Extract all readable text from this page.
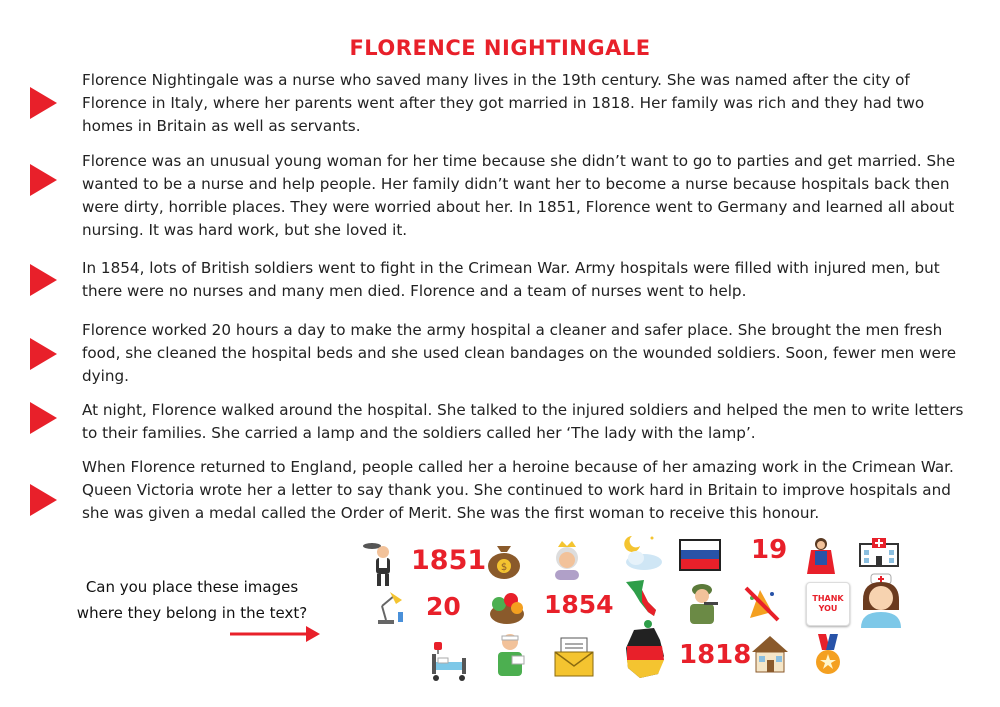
FLORENCE NIGHTINGALE
Florence Nightingale was a nurse who saved many lives in the 19th century. She was named after the city of Florence in Italy, where her parents went after they got married in 1818. Her family was rich and they had two homes in Britain as well as servants.
Florence was an unusual young woman for her time because she didn’t want to go to parties and get married. She wanted to be a nurse and help people. Her family didn’t want her to become a nurse because hospitals back then were dirty, horrible places. They were worried about her. In 1851, Florence went to Germany and learned all about nursing. It was hard work, but she loved it.
In 1854, lots of British soldiers went to fight in the Crimean War. Army hospitals were filled with injured men, but there were no nurses and many men died. Florence and a team of nurses went to help.
Florence worked 20 hours a day to make the army hospital a cleaner and safer place. She brought the men fresh food, she cleaned the hospital beds and she used clean bandages on the wounded soldiers. Soon, fewer men were dying.
At night, Florence walked around the hospital. She talked to the injured soldiers and helped the men to write letters to their families. She carried a lamp and the soldiers called her ‘The lady with the lamp’.
When Florence returned to England, people called her a heroine because of her amazing work in the Crimean War. Queen Victoria wrote her a letter to say thank you. She continued to work hard in Britain to improve hospitals and she was given a medal called the Order of Merit. She was the first woman to receive this honour.
Can you place these images where they belong in the text?
1851 $
19
20	1854	THANK YOU
1818
